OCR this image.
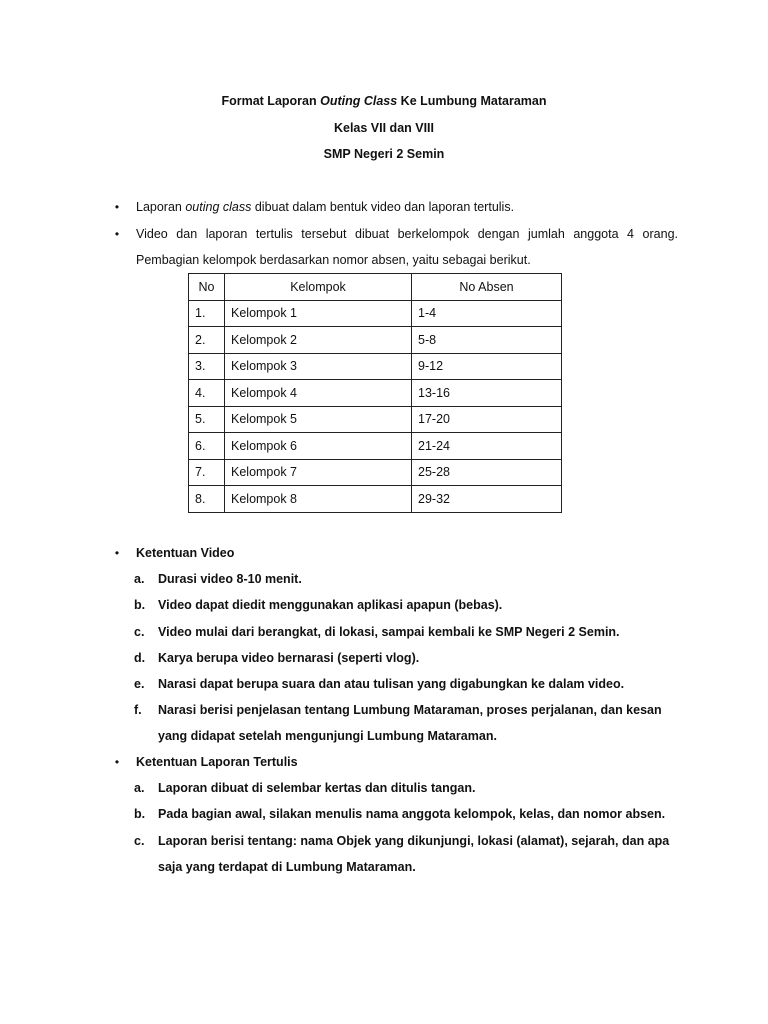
Format Laporan Outing Class Ke Lumbung Mataraman
Kelas VII dan VIII
SMP Negeri 2 Semin
• Laporan outing class dibuat dalam bentuk video dan laporan tertulis.
• Video dan laporan tertulis tersebut dibuat berkelompok dengan jumlah anggota 4 orang. Pembagian kelompok berdasarkan nomor absen, yaitu sebagai berikut.
No	Kelompok	No Absen
1.	Kelompok 1	1-4
2.	Kelompok 2	5-8
3.	Kelompok 3	9-12
4.	Kelompok 4	13-16
5.	Kelompok 5	17-20
6.	Kelompok 6	21-24
7.	Kelompok 7	25-28
8.	Kelompok 8	29-32
• Ketentuan Video
a.	Durasi video 8-10 menit.
b.	Video dapat diedit menggunakan aplikasi apapun (bebas).
c.	Video mulai dari berangkat, di lokasi, sampai kembali ke SMP Negeri 2 Semin.
d.	Karya berupa video bernarasi (seperti vlog).
e.	Narasi dapat berupa suara dan atau tulisan yang digabungkan ke dalam video.
f.	Narasi berisi penjelasan tentang Lumbung Mataraman, proses perjalanan, dan kesan yang didapat setelah mengunjungi Lumbung Mataraman.
• Ketentuan Laporan Tertulis
a.	Laporan dibuat di selembar kertas dan ditulis tangan.
b.	Pada bagian awal, silakan menulis nama anggota kelompok, kelas, dan nomor absen.
c.	Laporan berisi tentang: nama Objek yang dikunjungi, lokasi (alamat), sejarah, dan apa saja yang terdapat di Lumbung Mataraman.
